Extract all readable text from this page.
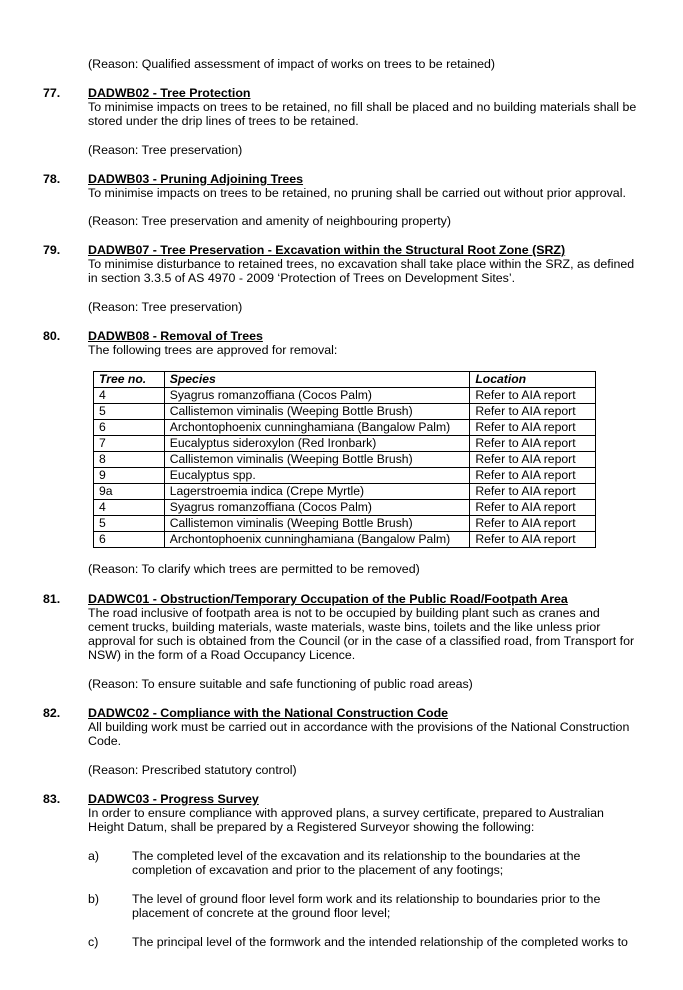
(Reason: Qualified assessment of impact of works on trees to be retained)
77. DADWB02 - Tree Protection
To minimise impacts on trees to be retained, no fill shall be placed and no building materials shall be
stored under the drip lines of trees to be retained.
(Reason: Tree preservation)
78. DADWB03 - Pruning Adjoining Trees
To minimise impacts on trees to be retained, no pruning shall be carried out without prior approval.
(Reason: Tree preservation and amenity of neighbouring property)
79. DADWB07 - Tree Preservation - Excavation within the Structural Root Zone (SRZ)
To minimise disturbance to retained trees, no excavation shall take place within the SRZ, as defined
in section 3.3.5 of AS 4970 - 2009 ‘Protection of Trees on Development Sites’.
(Reason: Tree preservation)
80. DADWB08 - Removal of Trees
The following trees are approved for removal:
Tree no.	Species	Location
4	Syagrus romanzoffiana (Cocos Palm)	Refer to AIA report
5	Callistemon viminalis (Weeping Bottle Brush)	Refer to AIA report
6	Archontophoenix cunninghamiana (Bangalow Palm)	Refer to AIA report
7	Eucalyptus sideroxylon (Red Ironbark)	Refer to AIA report
8	Callistemon viminalis (Weeping Bottle Brush)	Refer to AIA report
9	Eucalyptus spp.	Refer to AIA report
9a	Lagerstroemia indica (Crepe Myrtle)	Refer to AIA report
4	Syagrus romanzoffiana (Cocos Palm)	Refer to AIA report
5	Callistemon viminalis (Weeping Bottle Brush)	Refer to AIA report
6	Archontophoenix cunninghamiana (Bangalow Palm)	Refer to AIA report
(Reason: To clarify which trees are permitted to be removed)
81. DADWC01 - Obstruction/Temporary Occupation of the Public Road/Footpath Area
The road inclusive of footpath area is not to be occupied by building plant such as cranes and
cement trucks, building materials, waste materials, waste bins, toilets and the like unless prior
approval for such is obtained from the Council (or in the case of a classified road, from Transport for
NSW) in the form of a Road Occupancy Licence.
(Reason: To ensure suitable and safe functioning of public road areas)
82. DADWC02 - Compliance with the National Construction Code
All building work must be carried out in accordance with the provisions of the National Construction
Code.
(Reason: Prescribed statutory control)
83. DADWC03 - Progress Survey
In order to ensure compliance with approved plans, a survey certificate, prepared to Australian
Height Datum, shall be prepared by a Registered Surveyor showing the following:
a)	The completed level of the excavation and its relationship to the boundaries at the
completion of excavation and prior to the placement of any footings;
b)	The level of ground floor level form work and its relationship to boundaries prior to the
placement of concrete at the ground floor level;
c)	The principal level of the formwork and the intended relationship of the completed works to
